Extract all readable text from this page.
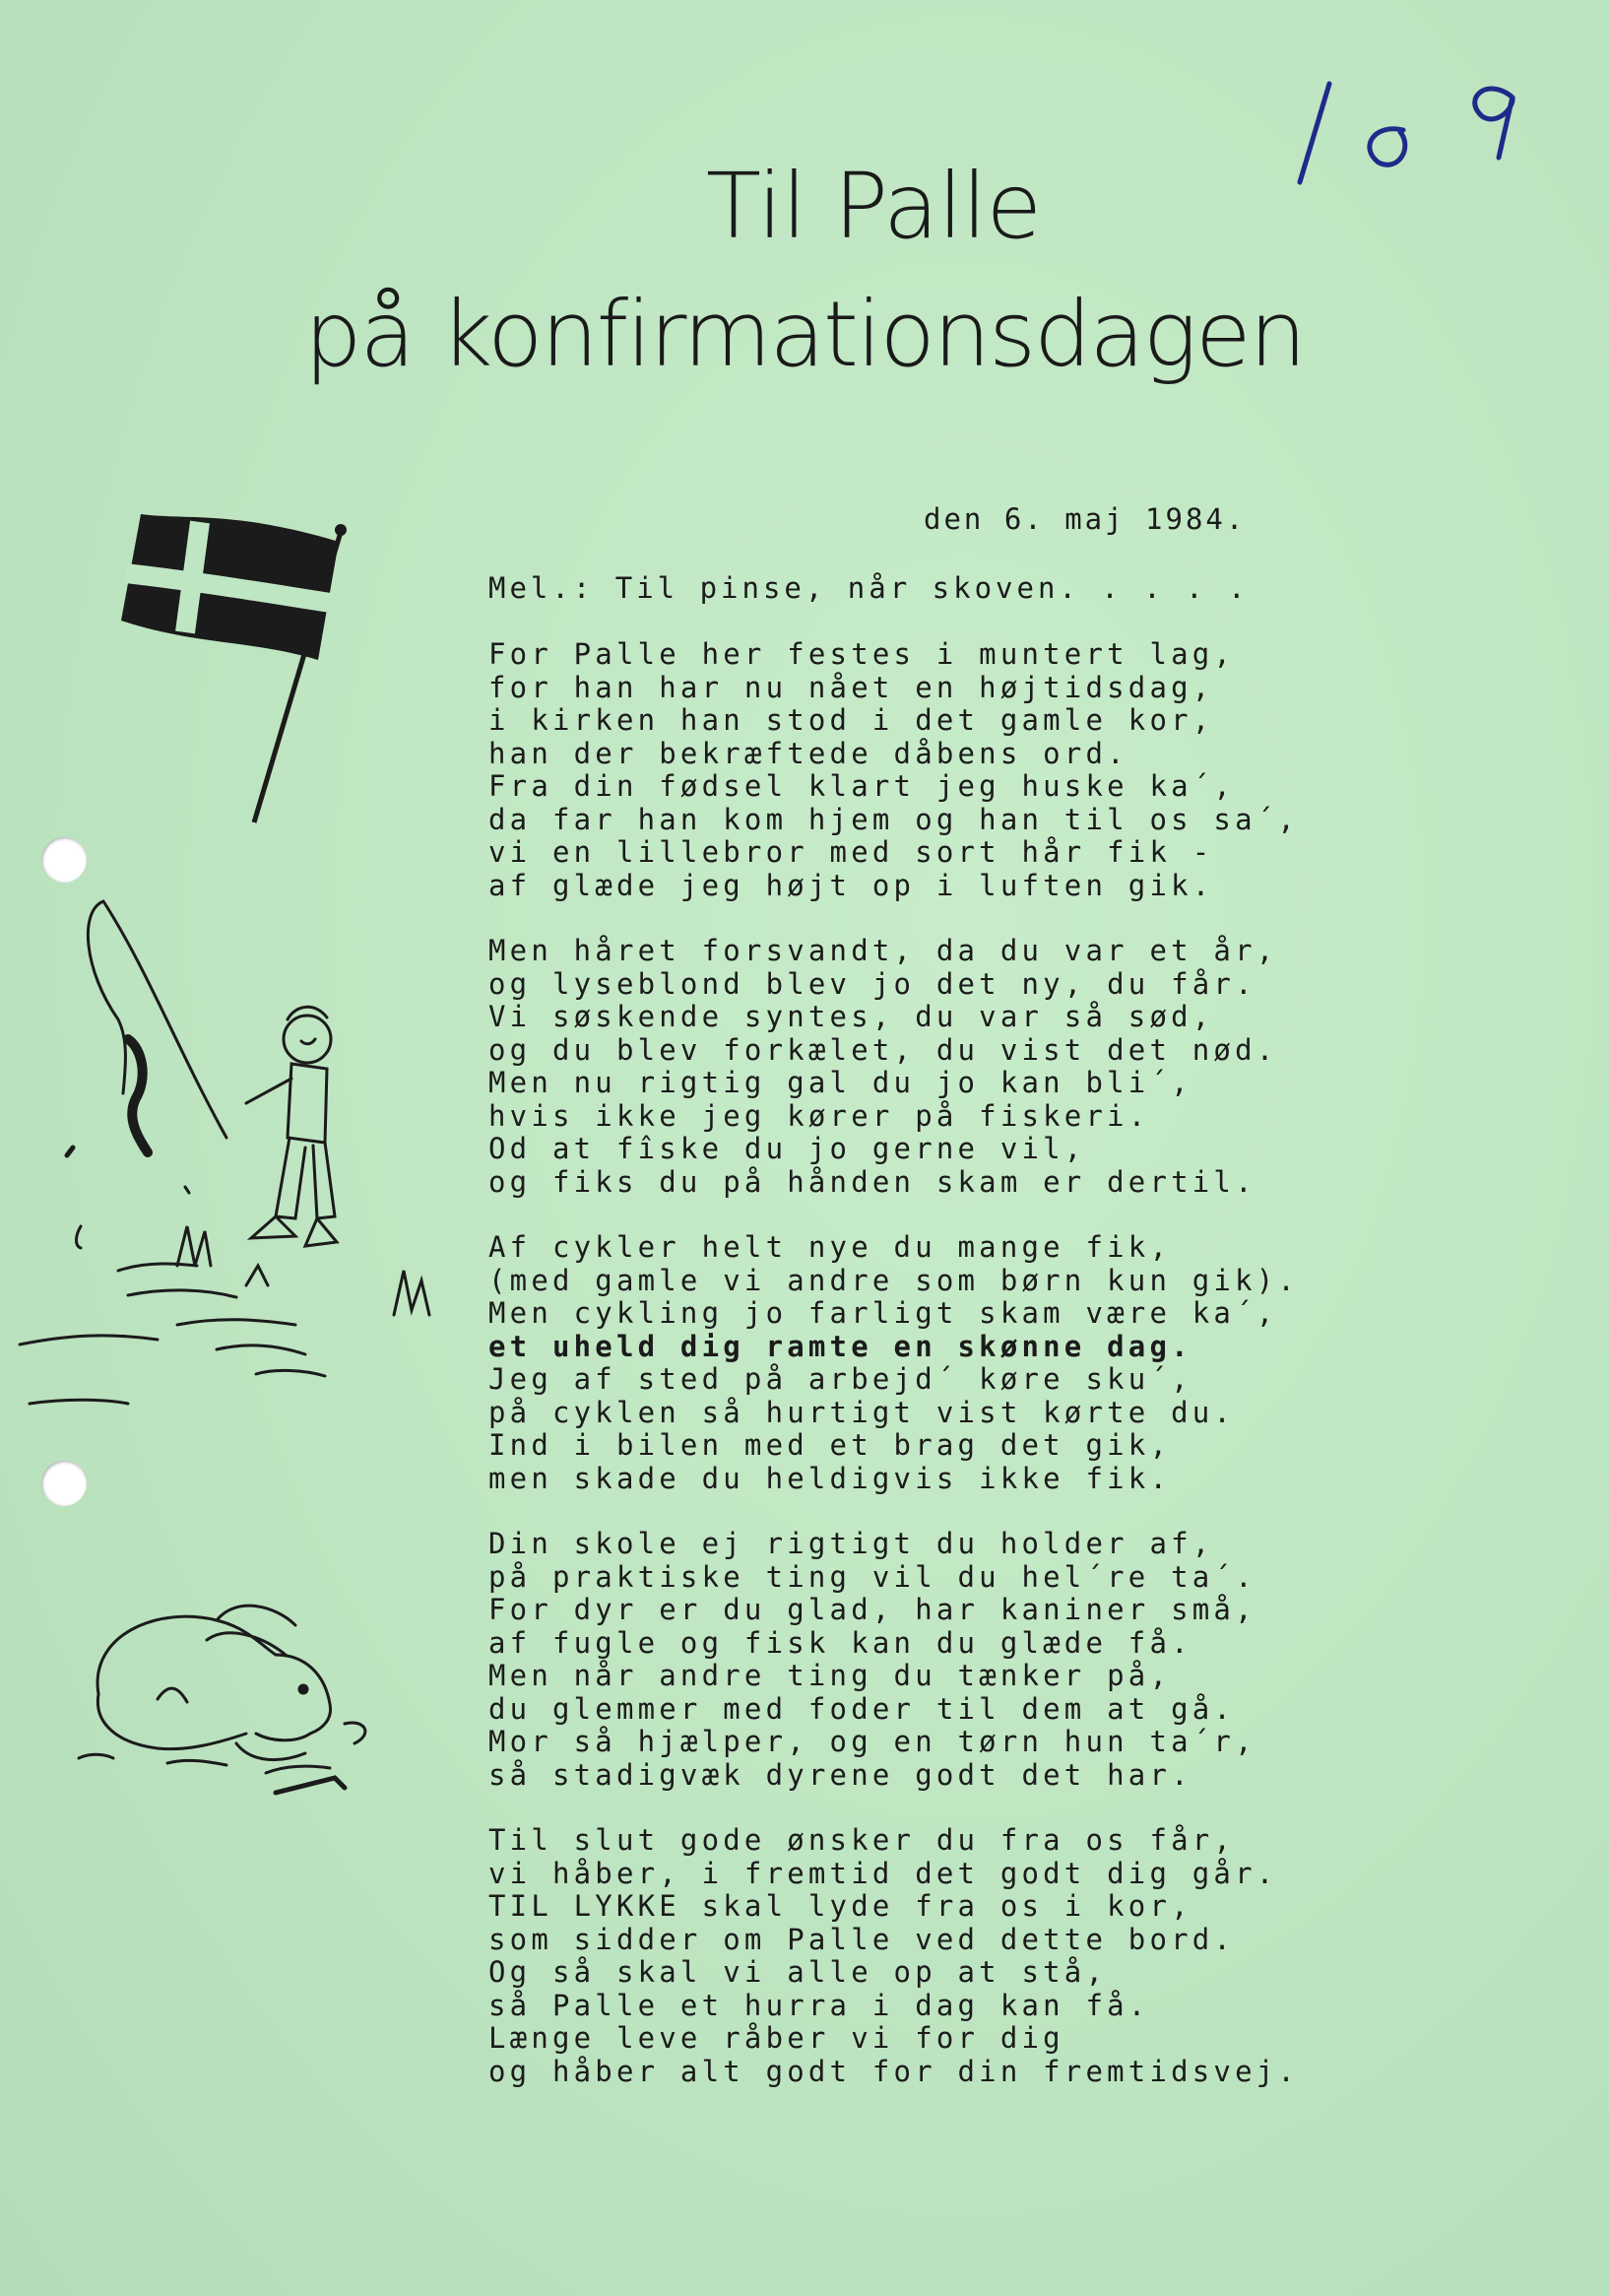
Til Palle
på konfirmationsdagen
den 6. maj 1984.
Mel.: Til pinse, når skoven. . . . .
For Palle her festes i muntert lag,
for han har nu nået en højtidsdag,
i kirken han stod i det gamle kor,
han der bekræftede dåbens ord.
Fra din fødsel klart jeg huske ka´,
da far han kom hjem og han til os sa´,
vi en lillebror med sort hår fik -
af glæde jeg højt op i luften gik.
Men håret forsvandt, da du var et år,
og lyseblond blev jo det ny, du får.
Vi søskende syntes, du var så sød,
og du blev forkælet, du vist det nød.
Men nu rigtig gal du jo kan bli´,
hvis ikke jeg kører på fiskeri.
Od at fîske du jo gerne vil,
og fiks du på hånden skam er dertil.
Af cykler helt nye du mange fik,
(med gamle vi andre som børn kun gik).
Men cykling jo farligt skam være ka´,
et uheld dig ramte en skønne dag.
Jeg af sted på arbejd´ køre sku´,
på cyklen så hurtigt vist kørte du.
Ind i bilen med et brag det gik,
men skade du heldigvis ikke fik.
Din skole ej rigtigt du holder af,
på praktiske ting vil du hel´re ta´.
For dyr er du glad, har kaniner små,
af fugle og fisk kan du glæde få.
Men når andre ting du tænker på,
du glemmer med foder til dem at gå.
Mor så hjælper, og en tørn hun ta´r,
så stadigvæk dyrene godt det har.
Til slut gode ønsker du fra os får,
vi håber, i fremtid det godt dig går.
TIL LYKKE skal lyde fra os i kor,
som sidder om Palle ved dette bord.
Og så skal vi alle op at stå,
så Palle et hurra i dag kan få.
Længe leve råber vi for dig
og håber alt godt for din fremtidsvej.
